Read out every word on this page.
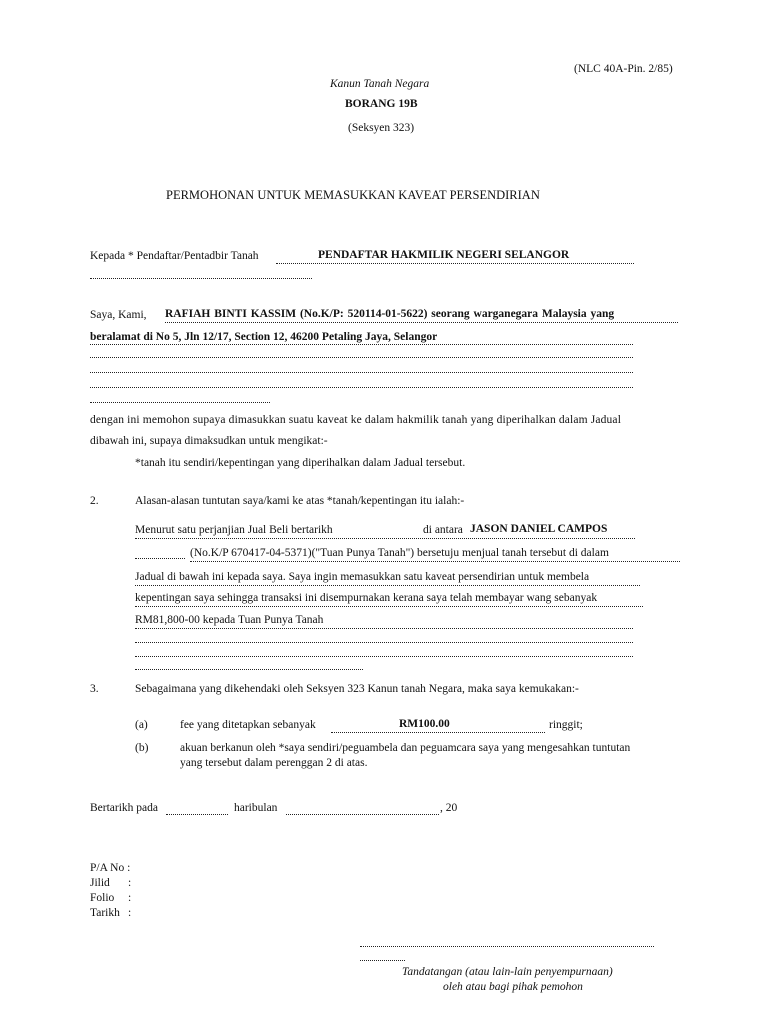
(NLC 40A-Pin. 2/85)
Kanun Tanah Negara
BORANG 19B
(Seksyen 323)
PERMOHONAN UNTUK MEMASUKKAN KAVEAT PERSENDIRIAN
Kepada * Pendaftar/Pentadbir Tanah	PENDAFTAR HAKMILIK NEGERI SELANGOR
Saya, Kami, RAFIAH BINTI KASSIM (No.K/P: 520114-01-5622) seorang warganegara Malaysia yang
beralamat di No 5, Jln 12/17, Section 12, 46200 Petaling Jaya, Selangor
dengan ini memohon supaya dimasukkan suatu kaveat ke dalam hakmilik tanah yang diperihalkan dalam Jadual
dibawah ini, supaya dimaksudkan untuk mengikat:-
*tanah itu sendiri/kepentingan yang diperihalkan dalam Jadual tersebut.
2.	Alasan-alasan tuntutan saya/kami ke atas *tanah/kepentingan itu ialah:-
Menurut satu perjanjian Jual Beli bertarikh	di antara JASON DANIEL CAMPOS
(No.K/P 670417-04-5371)("Tuan Punya Tanah") bersetuju menjual tanah tersebut di dalam
Jadual di bawah ini kepada saya. Saya ingin memasukkan satu kaveat persendirian untuk membela
kepentingan saya sehingga transaksi ini disempurnakan kerana saya telah membayar wang sebanyak
RM81,800-00 kepada Tuan Punya Tanah
3.	Sebagaimana yang dikehendaki oleh Seksyen 323 Kanun tanah Negara, maka saya kemukakan:-
(a)	fee yang ditetapkan sebanyak	RM100.00	ringgit;
(b)	akuan berkanun oleh *saya sendiri/peguambela dan peguamcara saya yang mengesahkan tuntutan
yang tersebut dalam perenggan 2 di atas.
Bertarikh pada	haribulan	, 20
P/A No :
Jilid :
Folio :
Tarikh :
Tandatangan (atau lain-lain penyempurnaan)
oleh atau bagi pihak pemohon
